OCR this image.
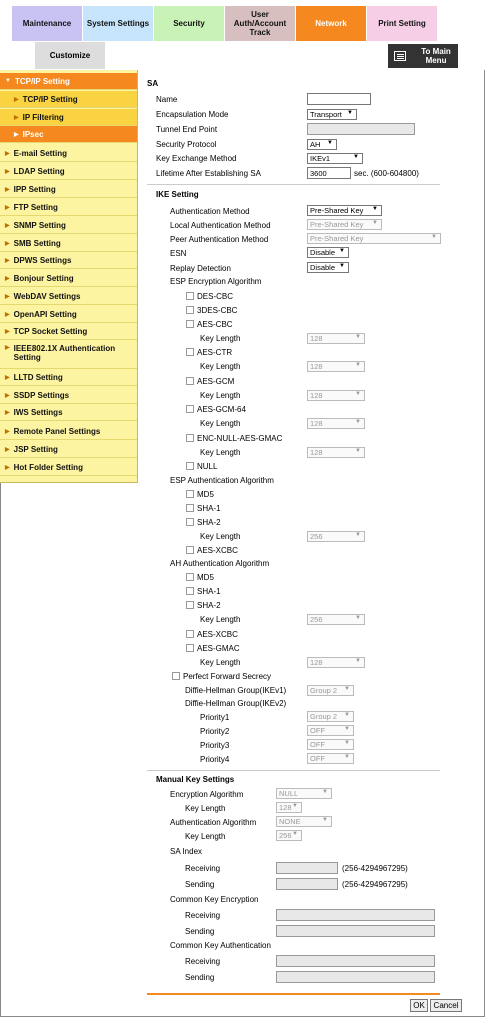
Maintenance	System Settings	Security
User Auth/Account Track
Network	Print Setting
Customize	To Main Menu
▼ TCP/IP Setting
▶ TCP/IP Setting
▶ IP Filtering
▶ IPsec
▶ E-mail Setting
▶ LDAP Setting
▶ IPP Setting
▶ FTP Setting
▶ SNMP Setting
▶ SMB Setting
▶ DPWS Settings
▶ Bonjour Setting
▶ WebDAV Settings
▶ OpenAPI Setting
▶ TCP Socket Setting
▶ IEEE802.1X Authentication Setting
▶ LLTD Setting
▶ SSDP Settings
▶ IWS Settings
▶ Remote Panel Settings
▶ JSP Setting
▶ Hot Folder Setting
SA
Name
Encapsulation Mode	Transport ▼
Tunnel End Point
Security Protocol	AH ▼
Key Exchange Method	IKEv1	▼
Lifetime After Establishing SA	3600	sec. (600-604800)
IKE Setting
Authentication Method	Pre-Shared Key ▼
Local Authentication Method	Pre-Shared Key ▼
Peer Authentication Method	Pre-Shared Key	▼
ESN	Disable ▼
Replay Detection	Disable ▼
ESP Encryption Algorithm
DES-CBC
3DES-CBC
AES-CBC
Key Length	128	▼
AES-CTR
Key Length	128	▼
AES-GCM
Key Length	128	▼
AES-GCM-64
Key Length	128	▼
ENC-NULL-AES-GMAC
Key Length	128	▼
NULL
ESP Authentication Algorithm
MD5
SHA-1
SHA-2
Key Length	256	▼
AES-XCBC
AH Authentication Algorithm
MD5
SHA-1
SHA-2
Key Length	256	▼
AES-XCBC
AES-GMAC
Key Length	128	▼
Perfect Forward Secrecy
Diffie-Hellman Group(IKEv1)	Group 2 ▼
Diffie-Hellman Group(IKEv2)
Priority1	Group 2 ▼
Priority2	OFF	▼
Priority3	OFF	▼
Priority4	OFF	▼
Manual Key Settings
Encryption Algorithm	NULL	▼
Key Length	128 ▼
Authentication Algorithm	NONE	▼
Key Length	256 ▼
SA Index
Receiving	(256-4294967295)
Sending	(256-4294967295)
Common Key Encryption
Receiving
Sending
Common Key Authentication
Receiving
Sending
OK	Cancel
